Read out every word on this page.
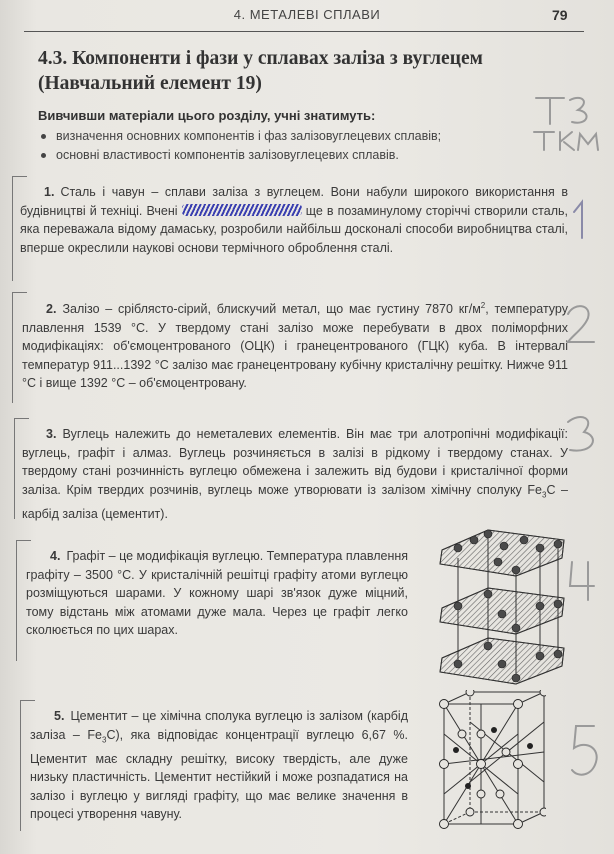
4. МЕТАЛЕВІ СПЛАВИ	79
4.3. Компоненти і фази у сплавах заліза з вуглецем
(Навчальний елемент 19)
Вивчивши матеріали цього розділу, учні знатимуть:
визначення основних компонентів і фаз залізовуглецевих сплавів;
основні властивості компонентів залізовуглецевих сплавів.
1. Сталь і чавун – сплави заліза з вуглецем. Вони набули широкого використання в будівництві й техніці. Вчені	ще в позаминулому сторіччі створили сталь, яка переважала відому дамаську, розробили найбільш досконалі способи виробництва сталі, вперше окреслили наукові основи термічного оброблення сталі.
2. Залізо – сріблясто-сірий, блискучий метал, що має густину 7870 $кг/м^2$, температуру плавлення 1539 °С. У твердому стані залізо може перебувати в двох поліморфних модифікаціях: об'ємоцентрованого (ОЦК) і гранецентрованого (ГЦК) куба. В інтервалі температур 911...1392 °С залізо має гранецентровану кубічну кристалічну решітку. Нижче 911 °С і вище 1392 °С – об'ємоцентровану.
3. Вуглець належить до неметалевих елементів. Він має три алотропічні модифікації: вуглець, графіт і алмаз. Вуглець розчиняється в залізі в рідкому і твердому станах. У твердому стані розчинність вуглецю обмежена і залежить від будови і кристалічної форми заліза. Крім твердих розчинів, вуглець може утворювати із залізом хімічну сполуку $Fe_3С$ – карбід заліза (цементит).
4. Графіт – це модифікація вуглецю. Температура плавлення графіту – 3500 °С. У кристалічній решітці графіту атоми вуглецю розміщуються шарами. У кожному шарі зв'язок дуже міцний, тому відстань між атомами дуже мала. Через це графіт легко сколюється по цих шарах.
5. Цементит – це хімічна сполука вуглецю із залізом (карбід заліза – $Fe_3С$), яка відповідає концентрації вуглецю 6,67 %. Цементит має складну решітку, високу твердість, але дуже низьку пластичність. Цементит нестійкий і може розпадатися на залізо і вуглецю у вигляді графіту, що має велике значення в процесі утворення чавуну.
